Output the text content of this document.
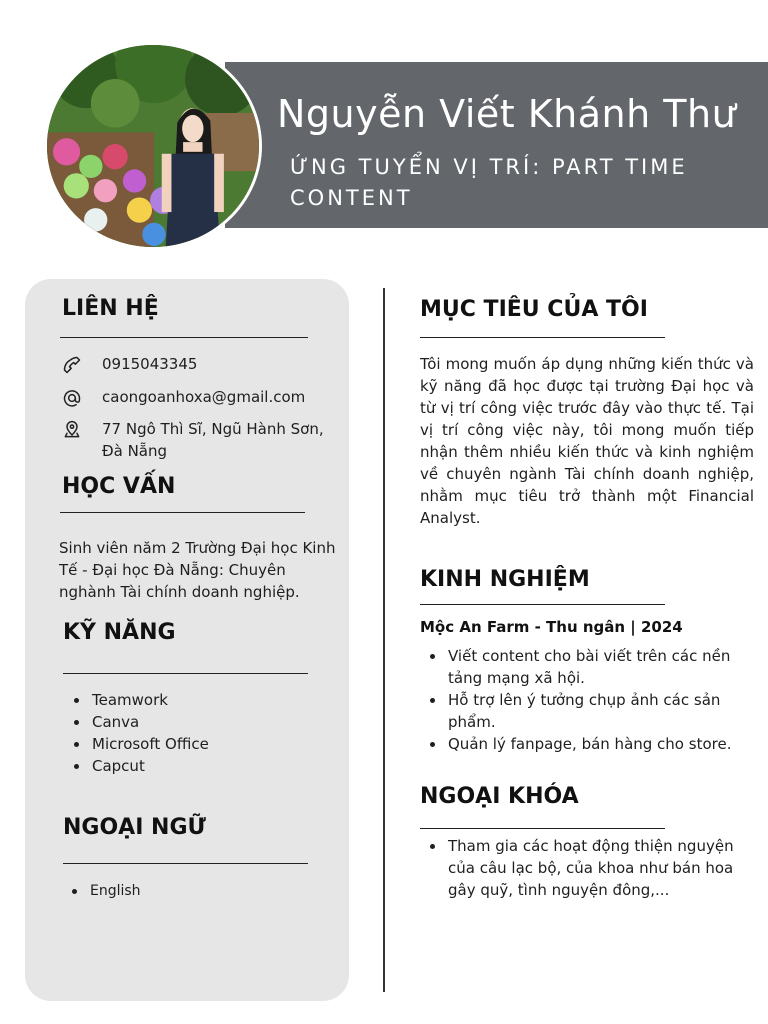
Nguyễn Viết Khánh Thư
ỨNG TUYỂN VỊ TRÍ: PART TIME CONTENT
LIÊN HỆ
0915043345
caongoanhoxa@gmail.com
77 Ngô Thì Sĩ, Ngũ Hành Sơn, Đà Nẵng
HỌC VẤN
Sinh viên năm 2 Trường Đại học Kinh Tế - Đại học Đà Nẵng: Chuyên nghành Tài chính doanh nghiệp.
KỸ NĂNG
Teamwork
Canva
Microsoft Office
Capcut
NGOẠI NGỮ
English
MỤC TIÊU CỦA TÔI
Tôi mong muốn áp dụng những kiến thức và kỹ năng đã học được tại trường Đại học và từ vị trí công việc trước đây vào thực tế. Tại vị trí công việc này, tôi mong muốn tiếp nhận thêm nhiều kiến thức và kinh nghiệm về chuyên ngành Tài chính doanh nghiệp, nhằm mục tiêu trở thành một Financial Analyst.
KINH NGHIỆM
Mộc An Farm - Thu ngân | 2024
Viết content cho bài viết trên các nền tảng mạng xã hội.
Hỗ trợ lên ý tưởng chụp ảnh các sản phẩm.
Quản lý fanpage, bán hàng cho store.
NGOẠI KHÓA
Tham gia các hoạt động thiện nguyện của câu lạc bộ, của khoa như bán hoa gây quỹ, tình nguyện đông,...
